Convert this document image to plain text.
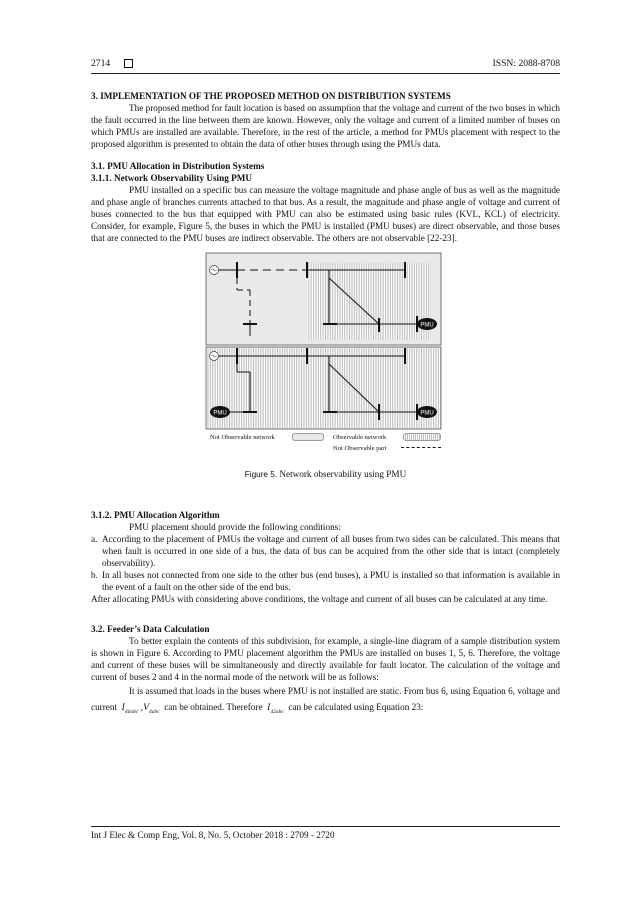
2714	ISSN: 2088-8708
3. IMPLEMENTATION OF THE PROPOSED METHOD ON DISTRIBUTION SYSTEMS

The proposed method for fault location is based on assumption that the voltage and current of the two buses in which the fault occurred in the line between them are known. However, only the voltage and current of a limited number of buses on which PMUs are installed are available. Therefore, in the rest of the article, a method for PMUs placement with respect to the proposed algorithm is presented to obtain the data of other buses through using the PMUs data.

3.1. PMU Allocation in Distribution Systems
3.1.1. Network Observability Using PMU

PMU installed on a specific bus can measure the voltage magnitude and phase angle of bus as well as the magnitude and phase angle of branches currents attached to that bus. As a result, the magnitude and phase angle of voltage and current of buses connected to the bus that equipped with PMU can also be estimated using basic rules (KVL, KCL) of electricity. Consider, for example, Figure 5, the buses in which the PMU is installed (PMU buses) are direct observable, and those buses that are connected to the PMU buses are indirect observable. The others are not observable [22-23].

PMU
PMU	PMU
Not Observable network	Observable network
Not Observable part
Figure 5. Network observability using PMU
3.1.2. PMU Allocation Algorithm

PMU placement should provide the following conditions:

a. According to the placement of PMUs the voltage and current of all buses from two sides can be calculated. This means that when fault is occurred in one side of a bus, the data of bus can be acquired from the other side that is intact (completely observability).
b. In all buses not connected from one side to the other bus (end buses), a PMU is installed so that information is available in the event of a fault on the other side of the end bus.

After allocating PMUs with considering above conditions, the voltage and current of all buses can be calculated at any time.

3.2. Feeder’s Data Calculation

To better explain the contents of this subdivision, for example, a single-line diagram of a sample distribution system is shown in Figure 6. According to PMU placement algorithm the PMUs are installed on buses 1, 5, 6. Therefore, the voltage and current of these buses will be simultaneously and directly available for fault locator. The calculation of the voltage and current of buses 2 and 4 in the normal mode of the network will be as follows:

It is assumed that loads in the buses where PMU is not installed are static. From bus 6, using Equation 6, voltage and current $I_{46abc}$ $,V_{4abc}$ can be obtained. Therefore $I_{42abc}$ can be calculated using Equation 23:

Int J Elec & Comp Eng, Vol. 8, No. 5, October 2018 : 2709 - 2720
